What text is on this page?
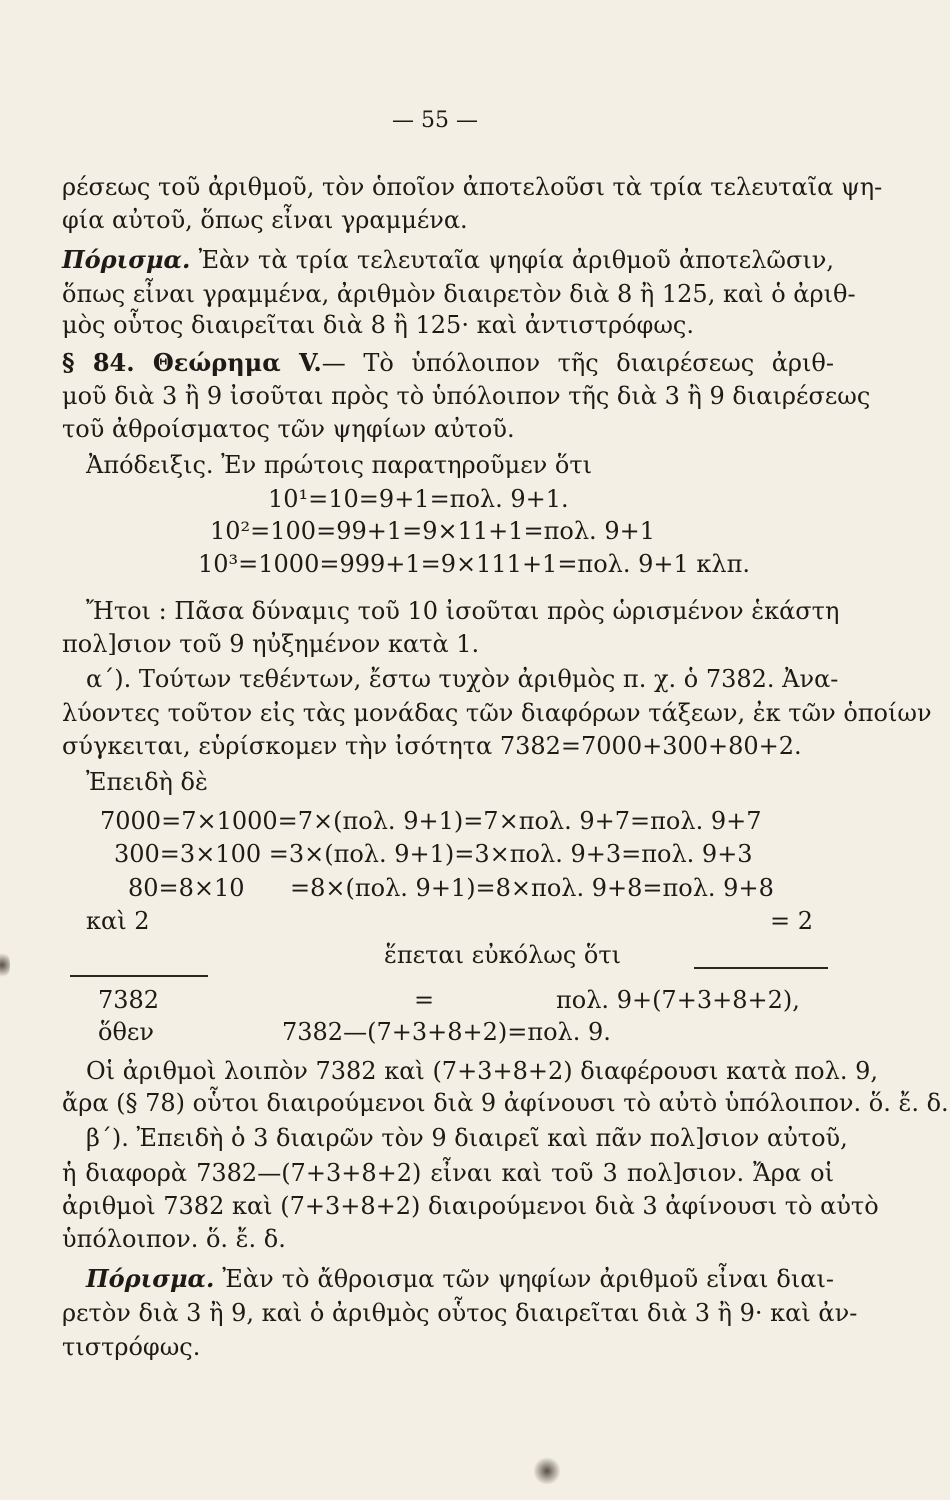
— 55 —
ρέσεως τοῦ ἀριθμοῦ, τὸν ὁποῖον ἀποτελοῦσι τὰ τρία τελευταῖα ψη-
φία αὐτοῦ, ὅπως εἶναι γραμμένα.
Πόρισμα. Ἐὰν τὰ τρία τελευταῖα ψηφία ἀριθμοῦ ἀποτελῶσιν,
ὅπως εἶναι γραμμένα, ἀριθμὸν διαιρετὸν διὰ 8 ἢ 125, καὶ ὁ ἀριθ-
μὸς οὗτος διαιρεῖται διὰ 8 ἢ 125· καὶ ἀντιστρόφως.
§ 84. Θεώρημα V.— Τὸ ὑπόλοιπον τῆς διαιρέσεως ἀριθ-
μοῦ διὰ 3 ἢ 9 ἰσοῦται πρὸς τὸ ὑπόλοιπον τῆς διὰ 3 ἢ 9 διαιρέσεως
τοῦ ἀθροίσματος τῶν ψηφίων αὐτοῦ.
Ἀπόδειξις. Ἐν πρώτοις παρατηροῦμεν ὅτι
10¹=10=9+1=πολ. 9+1.
10²=100=99+1=9×11+1=πολ. 9+1
10³=1000=999+1=9×111+1=πολ. 9+1 κλπ.
Ἤτοι : Πᾶσα δύναμις τοῦ 10 ἰσοῦται πρὸς ὡρισμένον ἑκάστη
πολ]σιον τοῦ 9 ηὐξημένον κατὰ 1.
α΄). Τούτων τεθέντων, ἔστω τυχὸν ἀριθμὸς π. χ. ὁ 7382. Ἀνα-
λύοντες τοῦτον εἰς τὰς μονάδας τῶν διαφόρων τάξεων, ἐκ τῶν ὁποίων
σύγκειται, εὑρίσκομεν τὴν ἰσότητα 7382=7000+300+80+2.
Ἐπειδὴ δὲ
7000=7×1000=7×(πολ. 9+1)=7×πολ. 9+7=πολ. 9+7
300=3×100 =3×(πολ. 9+1)=3×πολ. 9+3=πολ. 9+3
80=8×10 =8×(πολ. 9+1)=8×πολ. 9+8=πολ. 9+8
καὶ 2	= 2
ἕπεται εὐκόλως ὅτι
7382	=	πολ. 9+(7+3+8+2),
ὅθεν	7382—(7+3+8+2)=πολ. 9.
Οἱ ἀριθμοὶ λοιπὸν 7382 καὶ (7+3+8+2) διαφέρουσι κατὰ πολ. 9,
ἄρα (§ 78) οὗτοι διαιρούμενοι διὰ 9 ἀφίνουσι τὸ αὐτὸ ὑπόλοιπον. ὅ. ἔ. δ.
β΄). Ἐπειδὴ ὁ 3 διαιρῶν τὸν 9 διαιρεῖ καὶ πᾶν πολ]σιον αὐτοῦ,
ἡ διαφορὰ 7382—(7+3+8+2) εἶναι καὶ τοῦ 3 πολ]σιον. Ἄρα οἱ
ἀριθμοὶ 7382 καὶ (7+3+8+2) διαιρούμενοι διὰ 3 ἀφίνουσι τὸ αὐτὸ
ὑπόλοιπον. ὅ. ἔ. δ.
Πόρισμα. Ἐὰν τὸ ἄθροισμα τῶν ψηφίων ἀριθμοῦ εἶναι διαι-
ρετὸν διὰ 3 ἢ 9, καὶ ὁ ἀριθμὸς οὗτος διαιρεῖται διὰ 3 ἢ 9· καὶ ἀν-
τιστρόφως.
